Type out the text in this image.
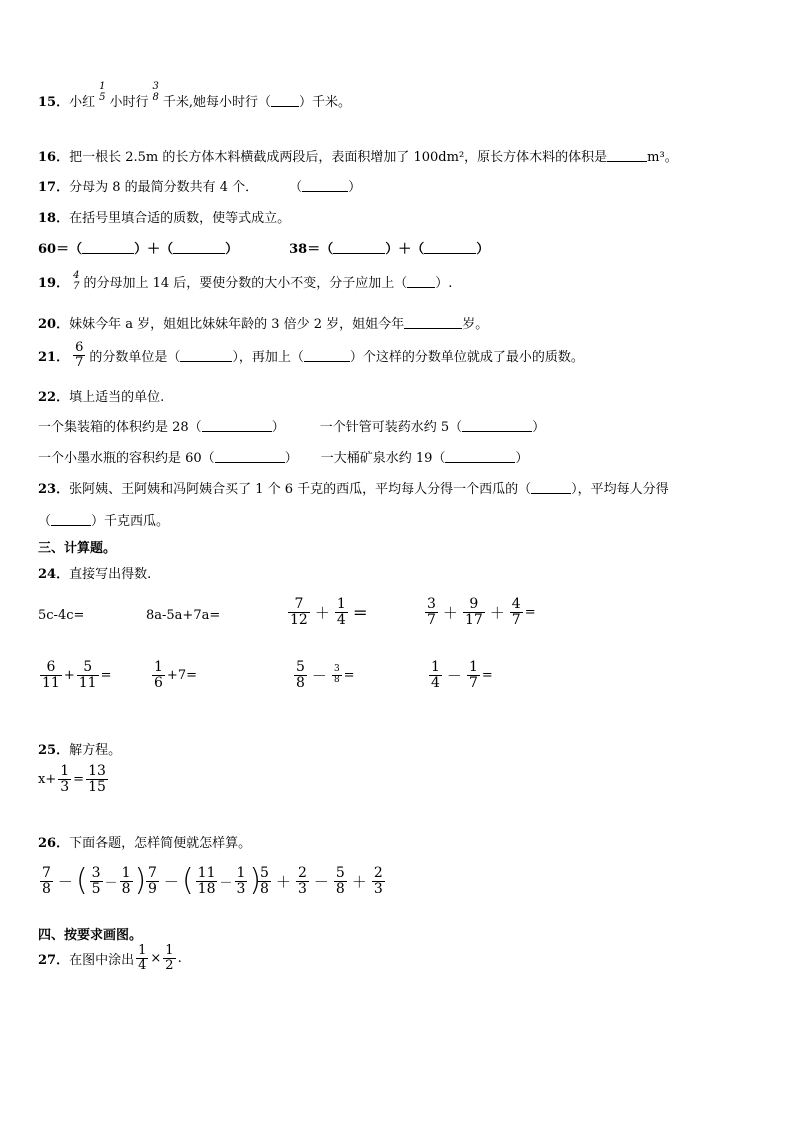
15． 小红
1
5 小时行
3
8 千米,她每小时行（ ）千米。
16． 把一根长 2.5m 的长方体木料横截成两段后，表面积增加了 100dm²，原长方体木料的体积是	m³。
17． 分母为 8 的最简分数共有 4 个．	（	）
18． 在括号里填合适的质数，使等式成立。
60＝（	）＋（	）	38＝（	）＋（	）
19．
4
7 的分母加上 14 后，要使分数的大小不变，分子应加上（ ）.
20． 妹妹今年 a 岁，姐姐比妹妹年龄的 3 倍少 2 岁，姐姐今年	岁。
21． $\frac{6}{7}$ 的分数单位是（	），再加上（	）个这样的分数单位就成了最小的质数。
22． 填上适当的单位.
一个集装箱的体积约是 28（	）	一个针管可装药水约 5（	）
一个小墨水瓶的容积约是 60（	）	一大桶矿泉水约 19（	）
23． 张阿姨、王阿姨和冯阿姨合买了 1 个 6 千克的西瓜，平均每人分得一个西瓜的（	），平均每人分得
（	）千克西瓜。
三、计算题。
24． 直接写出得数.
5c-4c=	8a-5a+7a=	$\frac{7}{12} + \frac{1}{4}$ ＝	$\frac{3}{7} + \frac{9}{17} + \frac{4}{7}$ =
$\frac{6}{11} + \frac{5}{11}$ =	$\frac{1}{6} +7=$	$\frac{5}{8} - \frac{3}{8}$ =	$\frac{1}{4} - \frac{1}{7}$ =
25． 解方程。
$x+ \frac{1}{3} = \frac{13}{15}$
26． 下面各题，怎样简便就怎样算。
$\frac{7}{8}$ － ( $\frac{3}{5} - \frac{1}{8}$ ) $\frac{7}{9}$ － ( $\frac{11}{18} - \frac{1}{3}$ )
$\frac{5}{8} + \frac{2}{3} - \frac{5}{8} + \frac{2}{3}$
四、按要求画图。
27． 在图中涂出 $\frac{1}{4} \times \frac{1}{2}$ .
